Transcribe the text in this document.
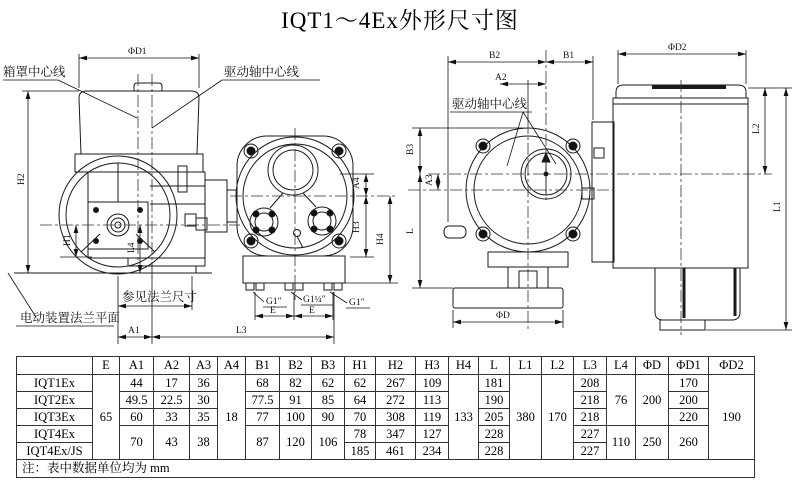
IQT1～4Ex外形尺寸图
箱罩中心线	驱动轴中心线
参见法兰尺寸
电动装置法兰平面
ΦD1
H2
H1
L4
A1	L3
G1″ G1¼″ G1″
E	E
A4
H3
H4
驱动轴中心线
B2	B1
A2
ΦD2
B3
A3
L
L2
L1
ΦD
	E	A1	A2	A3	A4	B1	B2	B3	H1	H2	H3	H4	L	L1	L2	L3	L4	ΦD	ΦD1	ΦD2
IQT1Ex	65	44	17	36	18	68	82	62	62	267	109	133	181	380	170	208	76	200	170	190
IQT2Ex		49.5	22.5	30		77.5	91	85	64	272	113		190			218			200	
IQT3Ex		60	33	35		77	100	90	70	308	119		205			218			220	
IQT4Ex		70	43	38		87	120	106	78	347	127		228			227	110	250	260	
IQT4Ex/JS									185	461	234		228			227				
注：表中数据单位均为 mm																				
